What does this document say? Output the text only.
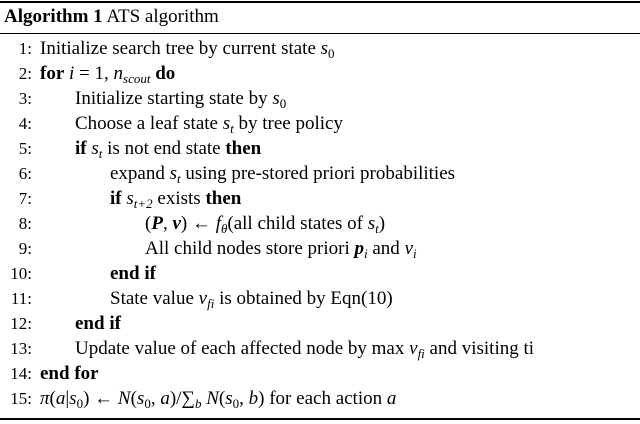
Algorithm 1 ATS algorithm
1: Initialize search tree by current state $s_0$
2: for i = 1, $n_{scout}$ do
3: Initialize starting state by $s_0$
4: Choose a leaf state $s_t$ by tree policy
5: if $s_t$ is not end state then
6:	expand $s_t$ using pre-stored priori probabilities
7:	if $s_{t+2}$ exists then
8:	(P, v) ← $f_\theta(all$ child states of $s_t$)
9:	All child nodes store priori $p_i$ and $v_i$
10:	end if
11:	State value $v_{fi}$ is obtained by Eqn(10)
12: end if
13: Update value of each affected node by $\max v_{fi}$ and visiting ti
14: end for
15: $\pi(a|s_0)$ ← $N(s_0$, $a)/\sum_b$ $N(s_0$, b) for each action a
